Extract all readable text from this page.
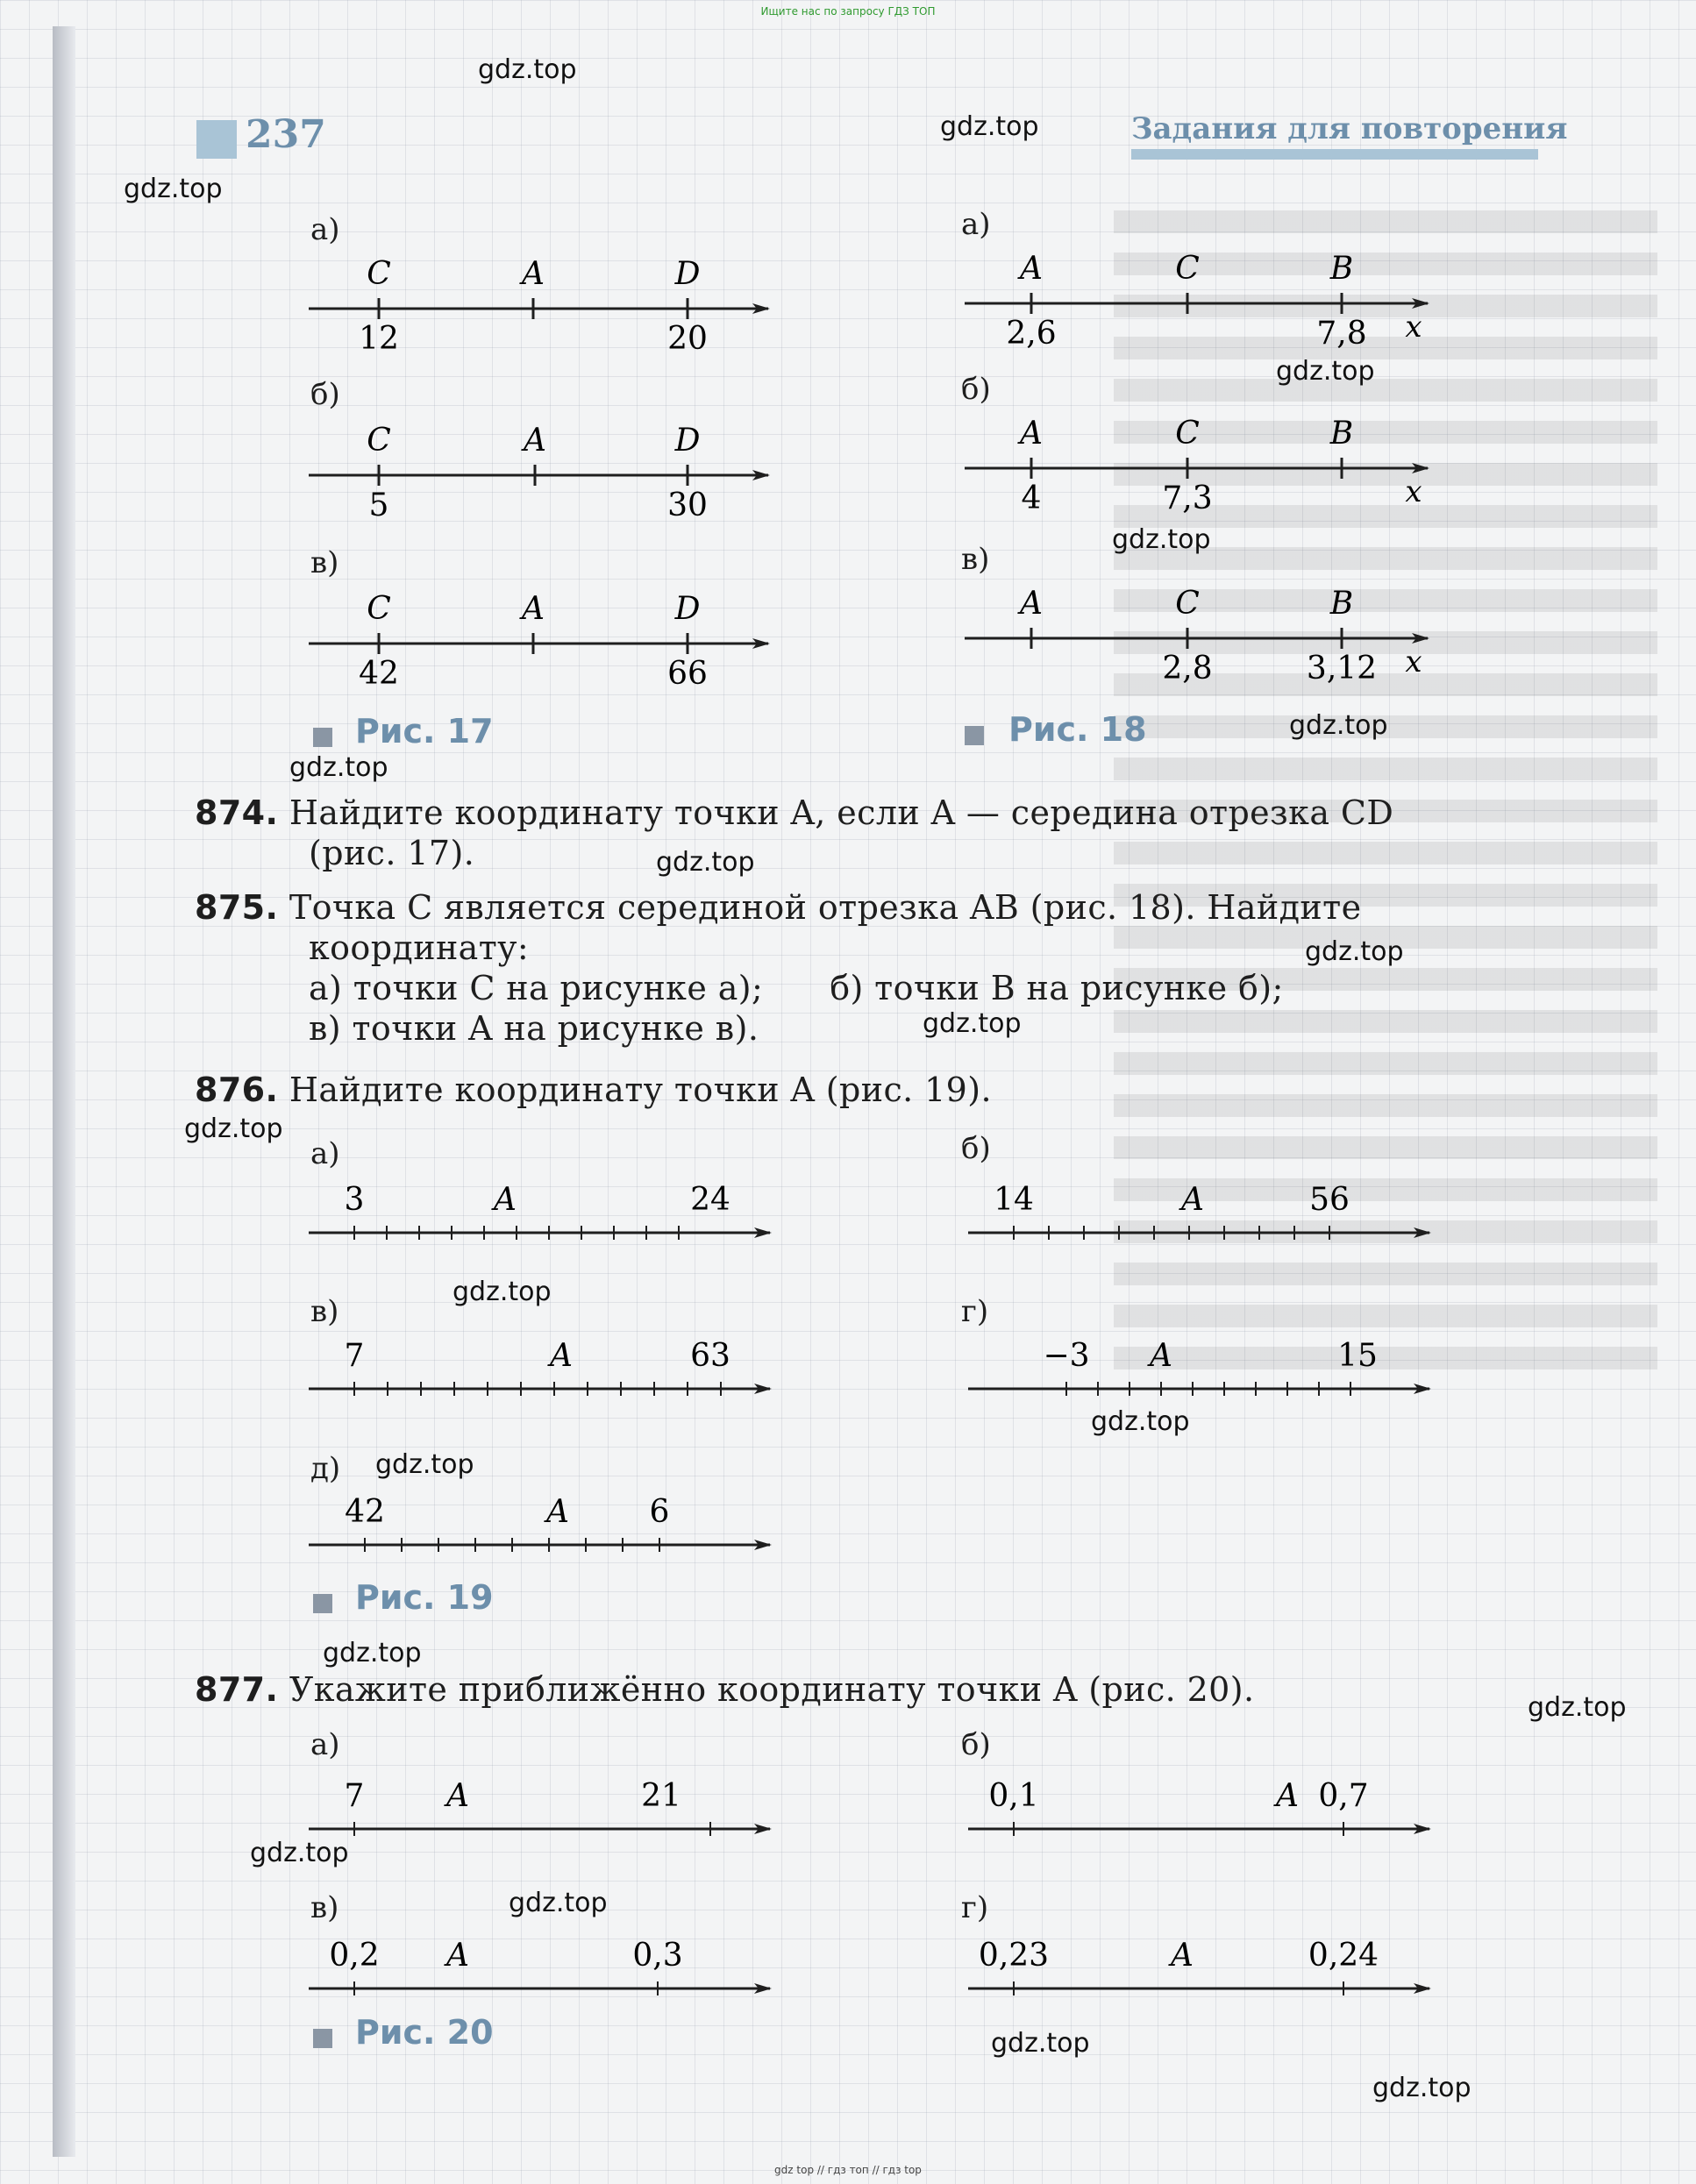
Ищите нас по запросу ГДЗ ТОП
237	Задания для повторения
gdz.top
gdz.top
gdz.top
gdz.top
gdz.top
gdz.top
gdz.top
gdz.top
gdz.top
gdz.top
gdz.top
gdz.top
gdz.top
gdz.top
gdz.top
gdz.top
gdz.top
gdz.top
gdz.top
gdz.top
а)
б)
в)
C	A	D
12	20
C	A	D
5	30
C	A	D
42	66
Рис. 17
а)
б)
в)
A	C	B
2,6	7,8 x
A	C	B
4	7,3	x
A	C	B
2,8	3,12 x
Рис. 18
874. Найдите координату точки A, если A — середина отрезка CD
(рис. 17).
875. Точка C является серединой отрезка AB (рис. 18). Найдите
координату:
а) точки C на рисунке а); б) точки B на рисунке б);
в) точки A на рисунке в).
876. Найдите координату точки A (рис. 19).
а)	б)
в)	г)
д)
3	A	24	14	A	56
7	A	63	−3 A	15
42	A	6
Рис. 19
877. Укажите приближённо координату точки A (рис. 20).
а)	б)
в)	г)
7	A	21	0,1	A 0,7
0,2 A	0,3	0,23	A	0,24
Рис. 20
gdz top // гдз топ // гдз top
